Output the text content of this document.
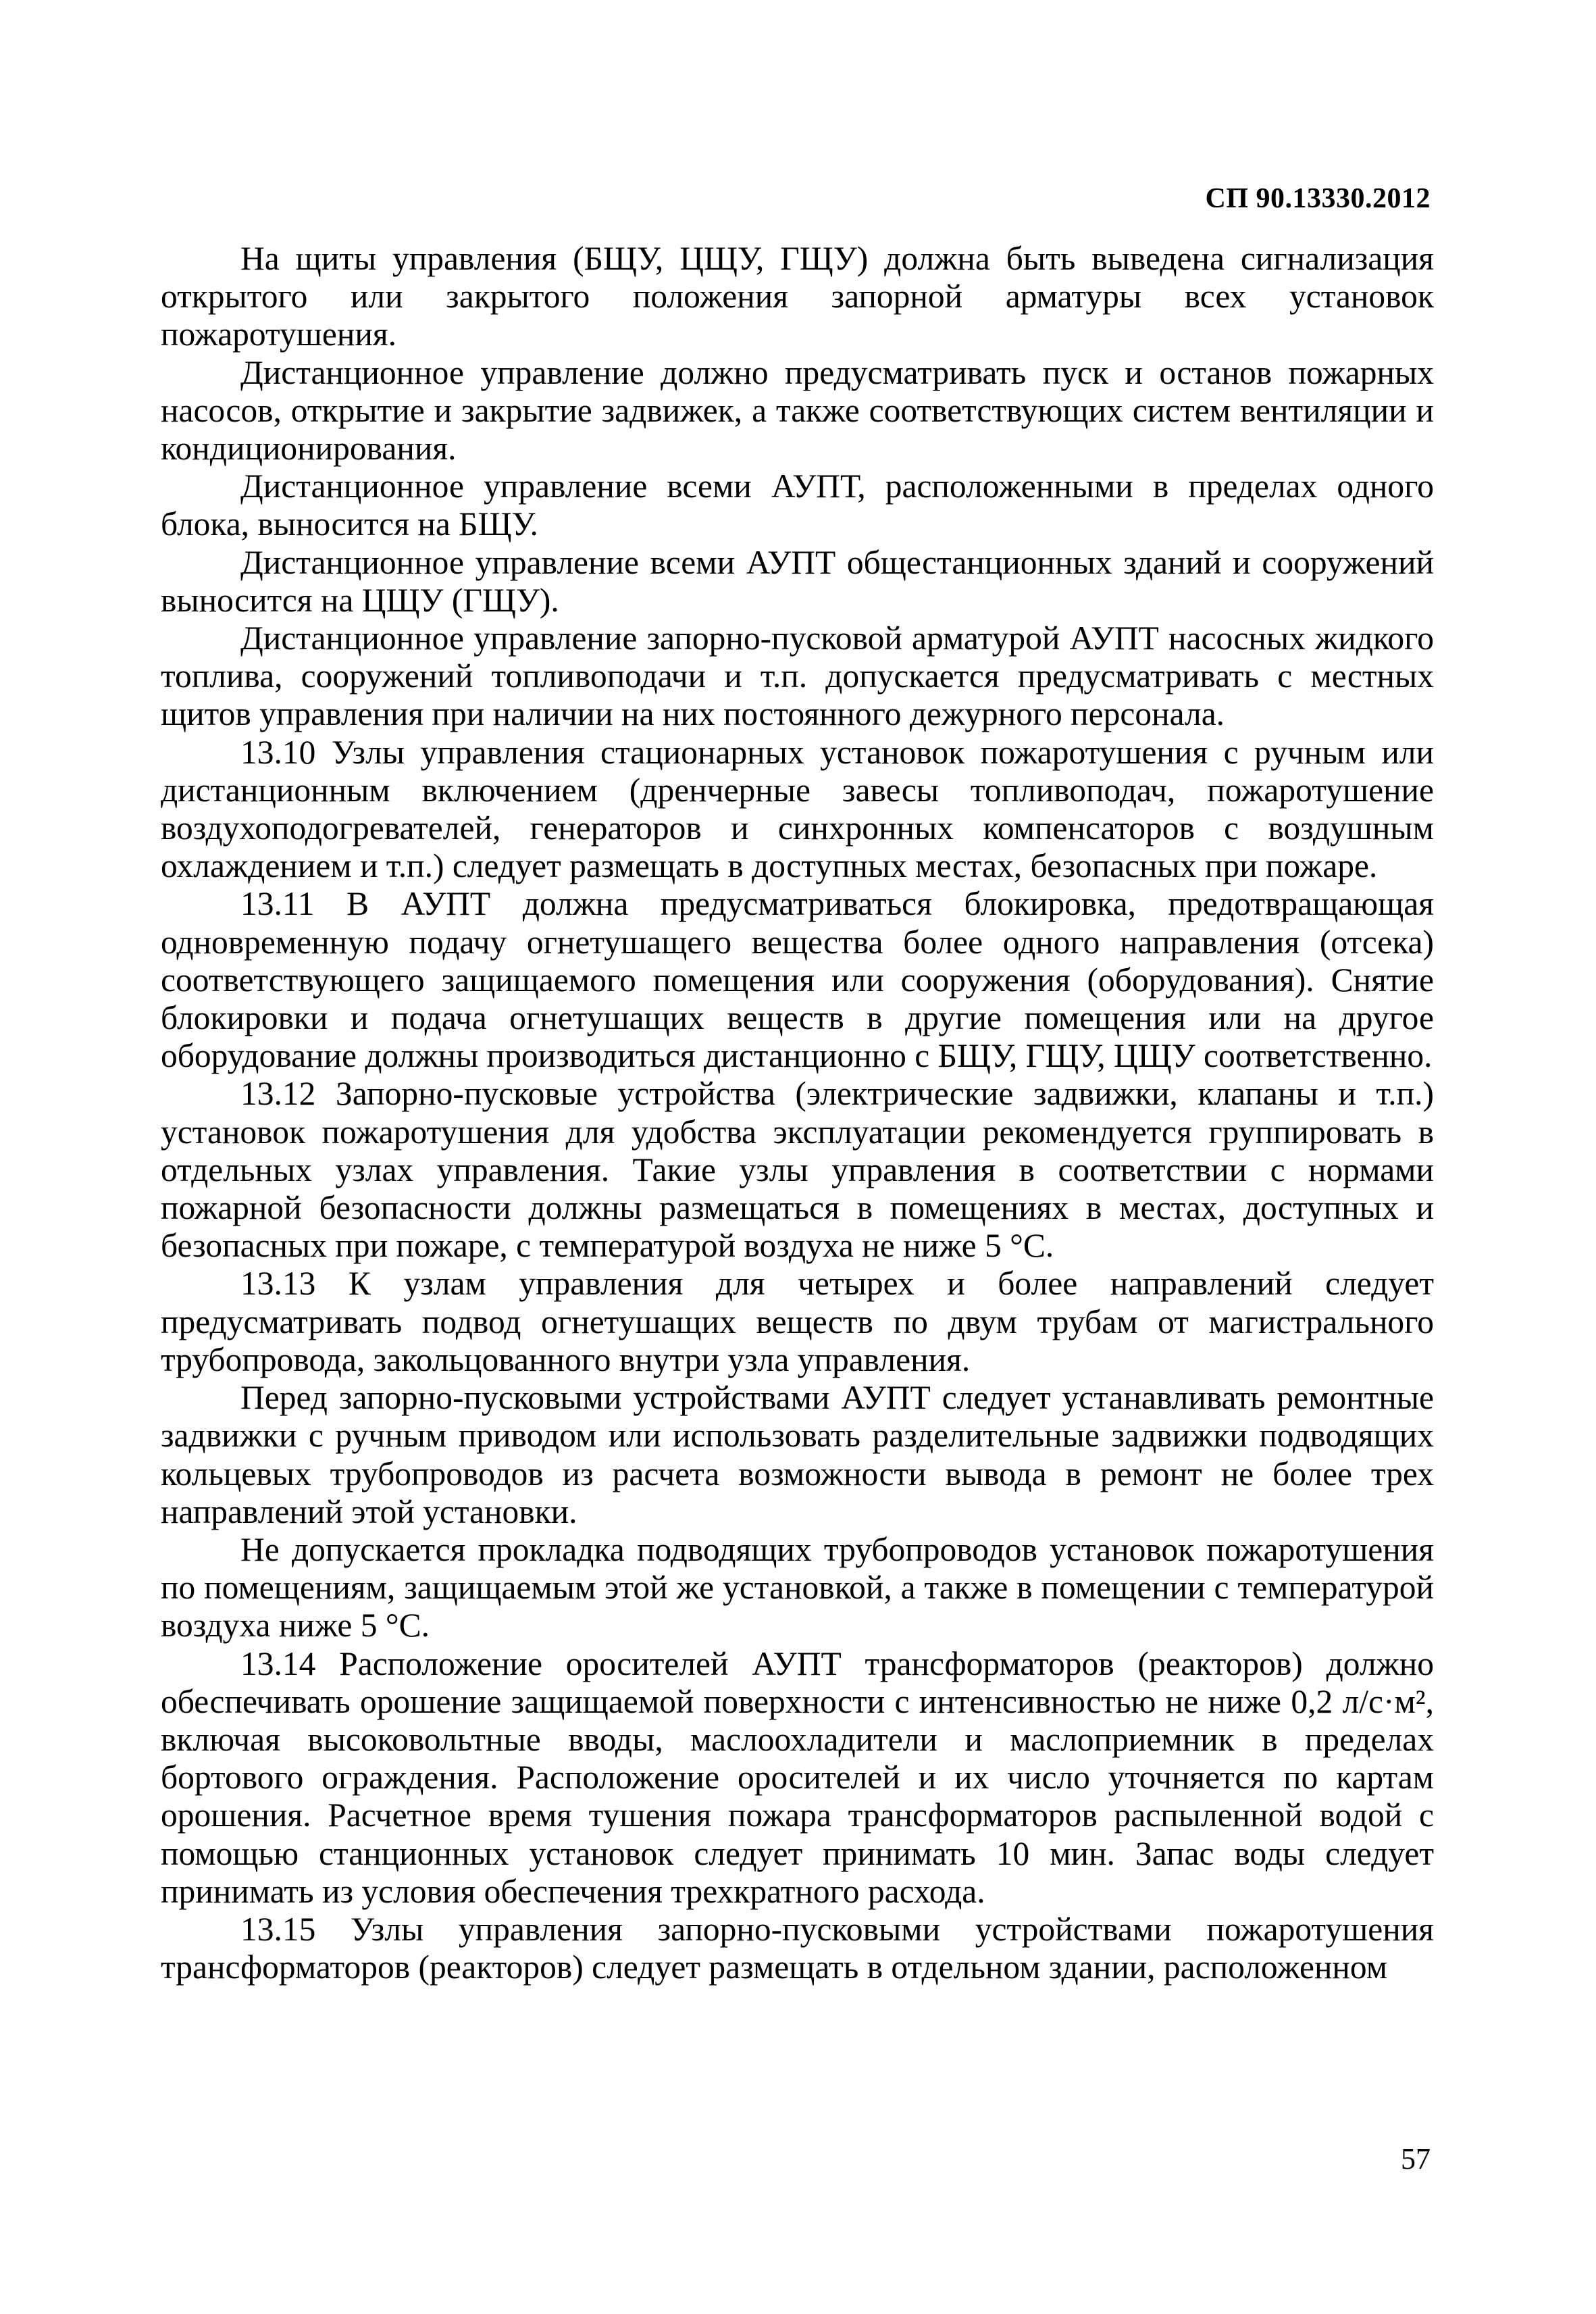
СП 90.13330.2012

На щиты управления (БЩУ, ЦЩУ, ГЩУ) должна быть выведена сигнализация открытого или закрытого положения запорной арматуры всех установок пожаротушения.

Дистанционное управление должно предусматривать пуск и останов пожарных насосов, открытие и закрытие задвижек, а также соответствующих систем вентиляции и кондиционирования.

Дистанционное управление всеми АУПТ, расположенными в пределах одного блока, выносится на БЩУ.

Дистанционное управление всеми АУПТ общестанционных зданий и сооружений выносится на ЦЩУ (ГЩУ).

Дистанционное управление запорно-пусковой арматурой АУПТ насосных жидкого топлива, сооружений топливоподачи и т.п. допускается предусматривать с местных щитов управления при наличии на них постоянного дежурного персонала.

13.10 Узлы управления стационарных установок пожаротушения с ручным или дистанционным включением (дренчерные завесы топливоподач, пожаротушение воздухоподогревателей, генераторов и синхронных компенсаторов с воздушным охлаждением и т.п.) следует размещать в доступных местах, безопасных при пожаре.

13.11 В АУПТ должна предусматриваться блокировка, предотвращающая одновременную подачу огнетушащего вещества более одного направления (отсека) соответствующего защищаемого помещения или сооружения (оборудования). Снятие блокировки и подача огнетушащих веществ в другие помещения или на другое оборудование должны производиться дистанционно с БЩУ, ГЩУ, ЦЩУ соответственно.

13.12 Запорно-пусковые устройства (электрические задвижки, клапаны и т.п.) установок пожаротушения для удобства эксплуатации рекомендуется группировать в отдельных узлах управления. Такие узлы управления в соответствии с нормами пожарной безопасности должны размещаться в помещениях в местах, доступных и безопасных при пожаре, с температурой воздуха не ниже 5 °С.

13.13 К узлам управления для четырех и более направлений следует предусматривать подвод огнетушащих веществ по двум трубам от магистрального трубопровода, закольцованного внутри узла управления.

Перед запорно-пусковыми устройствами АУПТ следует устанавливать ремонтные задвижки с ручным приводом или использовать разделительные задвижки подводящих кольцевых трубопроводов из расчета возможности вывода в ремонт не более трех направлений этой установки.

Не допускается прокладка подводящих трубопроводов установок пожаротушения по помещениям, защищаемым этой же установкой, а также в помещении с температурой воздуха ниже 5 °С.

13.14 Расположение оросителей АУПТ трансформаторов (реакторов) должно обеспечивать орошение защищаемой поверхности с интенсивностью не ниже 0,2 л/с·м², включая высоковольтные вводы, маслоохладители и маслоприемник в пределах бортового ограждения. Расположение оросителей и их число уточняется по картам орошения. Расчетное время тушения пожара трансформаторов распыленной водой с помощью станционных установок следует принимать 10 мин. Запас воды следует принимать из условия обеспечения трехкратного расхода.

13.15 Узлы управления запорно-пусковыми устройствами пожаротушения трансформаторов (реакторов) следует размещать в отдельном здании, расположенном

57
